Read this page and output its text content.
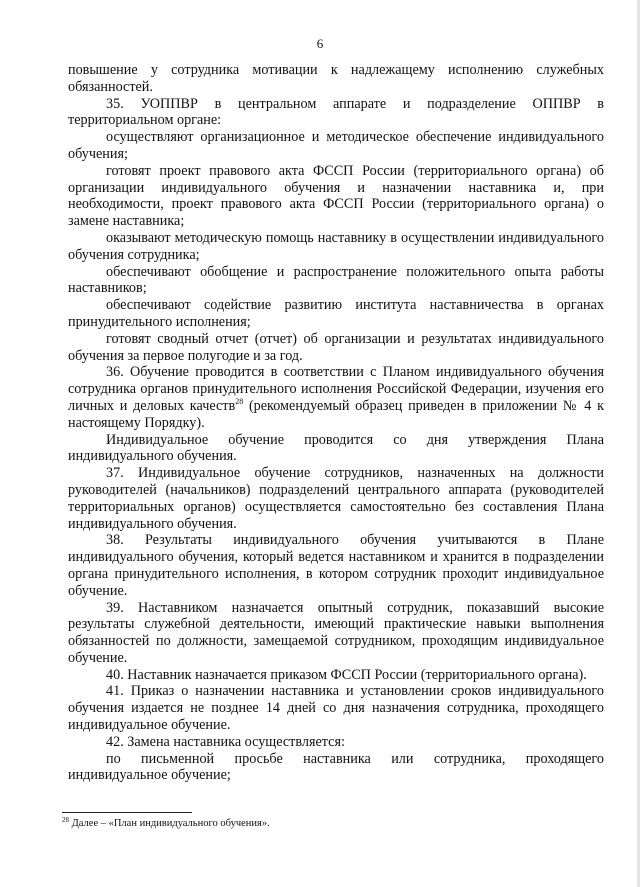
6

повышение у сотрудника мотивации к надлежащему исполнению служебных обязанностей.

35. УОППВР в центральном аппарате и подразделение ОППВР в территориальном органе:

осуществляют организационное и методическое обеспечение индивидуального обучения;

готовят проект правового акта ФССП России (территориального органа) об организации индивидуального обучения и назначении наставника и, при необходимости, проект правового акта ФССП России (территориального органа) о замене наставника;

оказывают методическую помощь наставнику в осуществлении индивидуального обучения сотрудника;

обеспечивают обобщение и распространение положительного опыта работы наставников;

обеспечивают содействие развитию института наставничества в органах принудительного исполнения;

готовят сводный отчет (отчет) об организации и результатах индивидуального обучения за первое полугодие и за год.

36. Обучение проводится в соответствии с Планом индивидуального обучения сотрудника органов принудительного исполнения Российской Федерации, изучения его личных и деловых качеств$^{28}$ (рекомендуемый образец приведен в приложении № 4 к настоящему Порядку).

Индивидуальное обучение проводится со дня утверждения Плана индивидуального обучения.

37. Индивидуальное обучение сотрудников, назначенных на должности руководителей (начальников) подразделений центрального аппарата (руководителей территориальных органов) осуществляется самостоятельно без составления Плана индивидуального обучения.

38. Результаты индивидуального обучения учитываются в Плане индивидуального обучения, который ведется наставником и хранится в подразделении органа принудительного исполнения, в котором сотрудник проходит индивидуальное обучение.

39. Наставником назначается опытный сотрудник, показавший высокие результаты служебной деятельности, имеющий практические навыки выполнения обязанностей по должности, замещаемой сотрудником, проходящим индивидуальное обучение.

40. Наставник назначается приказом ФССП России (территориального органа).

41. Приказ о назначении наставника и установлении сроков индивидуального обучения издается не позднее 14 дней со дня назначения сотрудника, проходящего индивидуальное обучение.

42. Замена наставника осуществляется:

по письменной просьбе наставника или сотрудника, проходящего индивидуальное обучение;

$^{28}$ Далее – «План индивидуального обучения».
